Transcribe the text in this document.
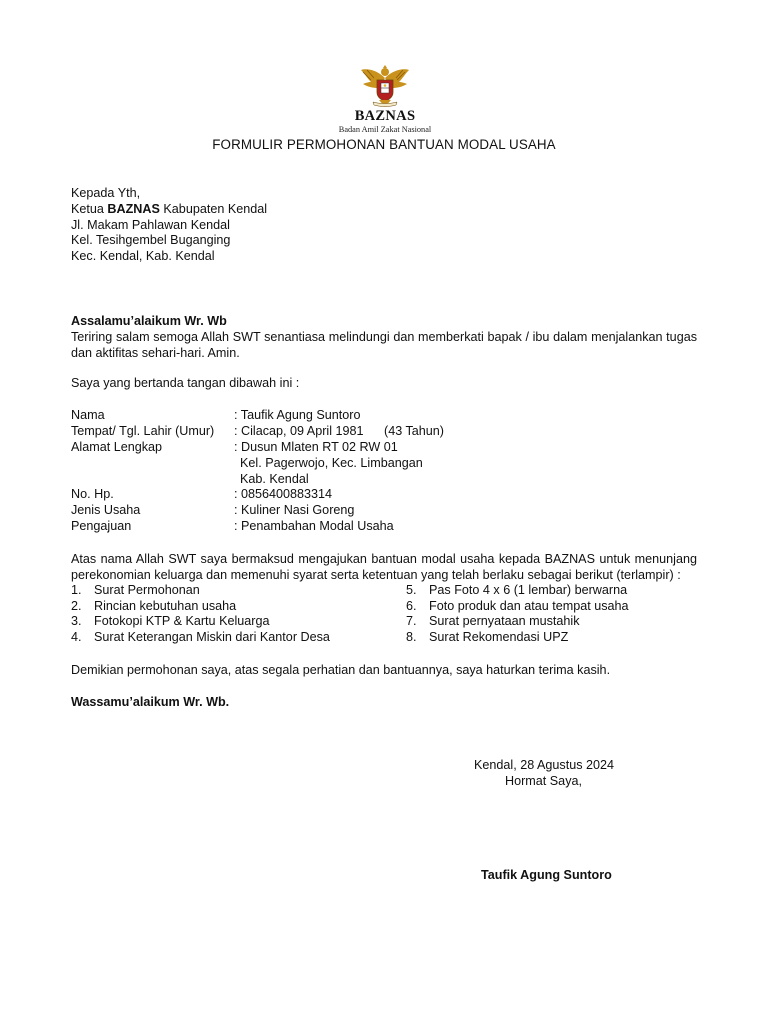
BAZNAS
Badan Amil Zakat Nasional
FORMULIR PERMOHONAN BANTUAN MODAL USAHA
Kepada Yth,
Ketua BAZNAS Kabupaten Kendal
Jl. Makam Pahlawan Kendal
Kel. Tesihgembel Buganging
Kec. Kendal, Kab. Kendal
Assalamu’alaikum Wr. Wb
Teriring salam semoga Allah SWT senantiasa melindungi dan memberkati bapak / ibu dalam menjalankan tugas dan aktifitas sehari-hari. Amin.
Saya yang bertanda tangan dibawah ini :
Nama	: Taufik Agung Suntoro
Tempat/ Tgl. Lahir (Umur) : Cilacap, 09 April 1981 (43 Tahun)
Alamat Lengkap	: Dusun Mlaten RT 02 RW 01
Kel. Pagerwojo, Kec. Limbangan
Kab. Kendal
No. Hp.	: 0856400883314
Jenis Usaha	: Kuliner Nasi Goreng
Pengajuan	: Penambahan Modal Usaha
Atas nama Allah SWT saya bermaksud mengajukan bantuan modal usaha kepada BAZNAS untuk menunjang perekonomian keluarga dan memenuhi syarat serta ketentuan yang telah berlaku sebagai berikut (terlampir) :
1. Surat Permohonan
2. Rincian kebutuhan usaha
3. Fotokopi KTP & Kartu Keluarga
4. Surat Keterangan Miskin dari Kantor Desa
5. Pas Foto 4 x 6 (1 lembar) berwarna
6. Foto produk dan atau tempat usaha
7. Surat pernyataan mustahik
8. Surat Rekomendasi UPZ
Demikian permohonan saya, atas segala perhatian dan bantuannya, saya haturkan terima kasih.
Wassamu’alaikum Wr. Wb.
Kendal, 28 Agustus 2024
Hormat Saya,
Taufik Agung Suntoro
